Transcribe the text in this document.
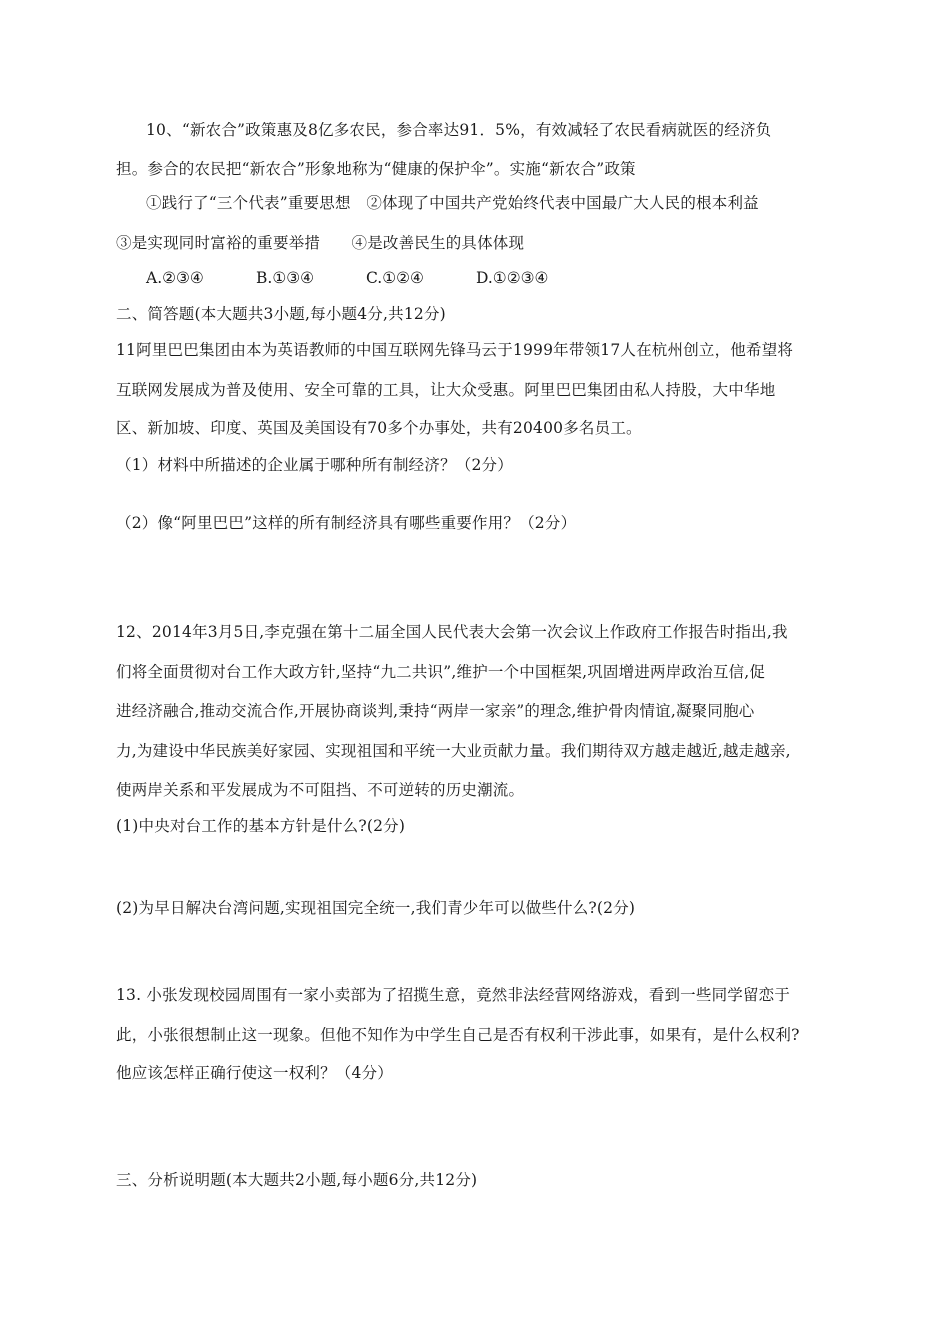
10、“新农合”政策惠及8亿多农民，参合率达91．5%，有效减轻了农民看病就医的经济负
担。参合的农民把“新农合”形象地称为“健康的保护伞”。实施“新农合”政策
①践行了“三个代表”重要思想　②体现了中国共产党始终代表中国最广大人民的根本利益
③是实现同时富裕的重要举措　　④是改善民生的具体体现
A.②③④	B.①③④	C.①②④	D.①②③④
二、简答题(本大题共3小题,每小题4分,共12分)
11阿里巴巴集团由本为英语教师的中国互联网先锋马云于1999年带领17人在杭州创立，他希望将
互联网发展成为普及使用、安全可靠的工具，让大众受惠。阿里巴巴集团由私人持股，大中华地
区、新加坡、印度、英国及美国设有70多个办事处，共有20400多名员工。
（1）材料中所描述的企业属于哪种所有制经济？（2分）
（2）像“阿里巴巴”这样的所有制经济具有哪些重要作用？（2分）
12、2014年3月5日,李克强在第十二届全国人民代表大会第一次会议上作政府工作报告时指出,我
们将全面贯彻对台工作大政方针,坚持“九二共识”,维护一个中国框架,巩固增进两岸政治互信,促
进经济融合,推动交流合作,开展协商谈判,秉持“两岸一家亲”的理念,维护骨肉情谊,凝聚同胞心
力,为建设中华民族美好家园、实现祖国和平统一大业贡献力量。我们期待双方越走越近,越走越亲,
使两岸关系和平发展成为不可阻挡、不可逆转的历史潮流。
(1)中央对台工作的基本方针是什么?(2分)
(2)为早日解决台湾问题,实现祖国完全统一,我们青少年可以做些什么?(2分)
13. 小张发现校园周围有一家小卖部为了招揽生意，竟然非法经营网络游戏，看到一些同学留恋于
此，小张很想制止这一现象。但他不知作为中学生自己是否有权利干涉此事，如果有，是什么权利?
他应该怎样正确行使这一权利？（4分）
三、分析说明题(本大题共2小题,每小题6分,共12分)
